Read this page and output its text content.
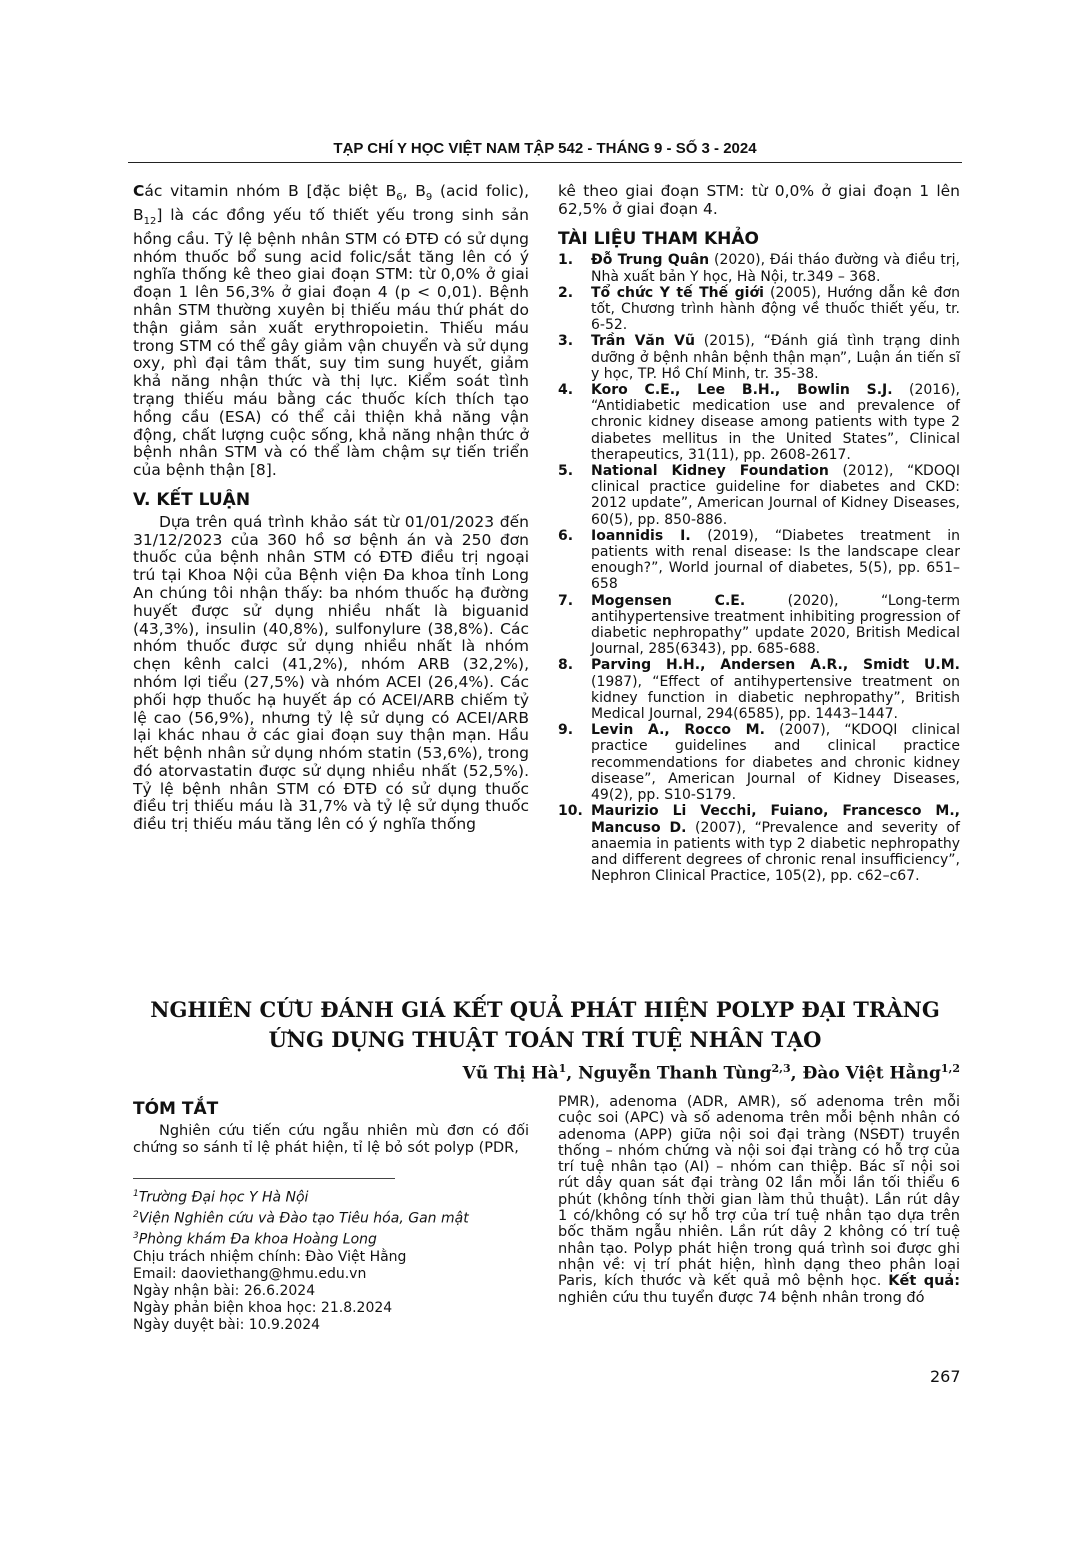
TẠP CHÍ Y HỌC VIỆT NAM TẬP 542 - THÁNG 9 - SỐ 3 - 2024

Các vitamin nhóm B [đặc biệt $B_6$, $B_9$ (acid folic), $B_{12}$] là các đồng yếu tố thiết yếu trong sinh sản hồng cầu. Tỷ lệ bệnh nhân STM có ĐTĐ có sử dụng nhóm thuốc bổ sung acid folic/sắt tăng lên có ý nghĩa thống kê theo giai đoạn STM: từ 0,0% ở giai đoạn 1 lên 56,3% ở giai đoạn 4 (p < 0,01). Bệnh nhân STM thường xuyên bị thiếu máu thứ phát do thận giảm sản xuất erythropoietin. Thiếu máu trong STM có thể gây giảm vận chuyển và sử dụng oxy, phì đại tâm thất, suy tim sung huyết, giảm khả năng nhận thức và thị lực. Kiểm soát tình trạng thiếu máu bằng các thuốc kích thích tạo hồng cầu (ESA) có thể cải thiện khả năng vận động, chất lượng cuộc sống, khả năng nhận thức ở bệnh nhân STM và có thể làm chậm sự tiến triển của bệnh thận [8].

V. KẾT LUẬN

Dựa trên quá trình khảo sát từ 01/01/2023 đến 31/12/2023 của 360 hồ sơ bệnh án và 250 đơn thuốc của bệnh nhân STM có ĐTĐ điều trị ngoại trú tại Khoa Nội của Bệnh viện Đa khoa tỉnh Long An chúng tôi nhận thấy: ba nhóm thuốc hạ đường huyết được sử dụng nhiều nhất là biguanid (43,3%), insulin (40,8%), sulfonylure (38,8%). Các nhóm thuốc được sử dụng nhiều nhất là nhóm chẹn kênh calci (41,2%), nhóm ARB (32,2%), nhóm lợi tiểu (27,5%) và nhóm ACEI (26,4%). Các phối hợp thuốc hạ huyết áp có ACEI/ARB chiếm tỷ lệ cao (56,9%), nhưng tỷ lệ sử dụng có ACEI/ARB lại khác nhau ở các giai đoạn suy thận mạn. Hầu hết bệnh nhân sử dụng nhóm statin (53,6%), trong đó atorvastatin được sử dụng nhiều nhất (52,5%). Tỷ lệ bệnh nhân STM có ĐTĐ có sử dụng thuốc điều trị thiếu máu là 31,7% và tỷ lệ sử dụng thuốc điều trị thiếu máu tăng lên có ý nghĩa thống

kê theo giai đoạn STM: từ 0,0% ở giai đoạn 1 lên 62,5% ở giai đoạn 4.

TÀI LIỆU THAM KHẢO
1.	Đỗ Trung Quân (2020), Đái tháo đường và điều trị, Nhà xuất bản Y học, Hà Nội, tr.349 – 368.
2.	Tổ chức Y tế Thế giới (2005), Hướng dẫn kê đơn tốt, Chương trình hành động về thuốc thiết yếu, tr. 6-52.
3.	Trần Văn Vũ (2015), “Đánh giá tình trạng dinh dưỡng ở bệnh nhân bệnh thận mạn”, Luận án tiến sĩ y học, TP. Hồ Chí Minh, tr. 35-38.
4.	Koro C.E., Lee B.H., Bowlin S.J. (2016), “Antidiabetic medication use and prevalence of chronic kidney disease among patients with type 2 diabetes mellitus in the United States”, Clinical therapeutics, 31(11), pp. 2608-2617.
5.	National Kidney Foundation (2012), “KDOQI clinical practice guideline for diabetes and CKD: 2012 update”, American Journal of Kidney Diseases, 60(5), pp. 850-886.
6.	Ioannidis I. (2019), “Diabetes treatment in patients with renal disease: Is the landscape clear enough?”, World journal of diabetes, 5(5), pp. 651–658
7.	Mogensen C.E. (2020), “Long-term antihypertensive treatment inhibiting progression of diabetic nephropathy” update 2020, British Medical Journal, 285(6343), pp. 685-688.
8.	Parving H.H., Andersen A.R., Smidt U.M. (1987), “Effect of antihypertensive treatment on kidney function in diabetic nephropathy”, British Medical Journal, 294(6585), pp. 1443–1447.
9.	Levin A., Rocco M. (2007), “KDOQI clinical practice guidelines and clinical practice recommendations for diabetes and chronic kidney disease”, American Journal of Kidney Diseases, 49(2), pp. S10-S179.
10. Maurizio Li Vecchi, Fuiano, Francesco M., Mancuso D. (2007), “Prevalence and severity of anaemia in patients with typ 2 diabetic nephropathy and different degrees of chronic renal insufficiency”, Nephron Clinical Practice, 105(2), pp. c62–c67.
NGHIÊN CỨU ĐÁNH GIÁ KẾT QUẢ PHÁT HIỆN POLYP ĐẠI TRÀNG
ỨNG DỤNG THUẬT TOÁN TRÍ TUỆ NHÂN TẠO
Vũ Thị $Hà^1$, Nguyễn Thanh Tùng$^{2,3}$, Đào Việt Hằng$^{1,2}$
TÓM TẮT
Nghiên cứu tiến cứu ngẫu nhiên mù đơn có đối chứng so sánh tỉ lệ phát hiện, tỉ lệ bỏ sót polyp (PDR,
PMR), adenoma (ADR, AMR), số adenoma trên mỗi cuộc soi (APC) và số adenoma trên mỗi bệnh nhân có adenoma (APP) giữa nội soi đại tràng (NSĐT) truyền thống – nhóm chứng và nội soi đại tràng có hỗ trợ của trí tuệ nhân tạo (AI) – nhóm can thiệp. Bác sĩ nội soi rút dây quan sát đại tràng 02 lần mỗi lần tối thiểu 6 phút (không tính thời gian làm thủ thuật). Lần rút dây 1 có/không có sự hỗ trợ của trí tuệ nhân tạo dựa trên bốc thăm ngẫu nhiên. Lần rút dây 2 không có trí tuệ nhân tạo. Polyp phát hiện trong quá trình soi được ghi nhận về: vị trí phát hiện, hình dạng theo phân loại Paris, kích thước và kết quả mô bệnh học. Kết quả: nghiên cứu thu tuyển được 74 bệnh nhân trong đó
$^1$Trường Đại học Y Hà Nội
$^2$Viện Nghiên cứu và Đào tạo Tiêu hóa, Gan mật
$^3$Phòng khám Đa khoa Hoàng Long
Chịu trách nhiệm chính: Đào Việt Hằng
Email: daoviethang@hmu.edu.vn
Ngày nhận bài: 26.6.2024
Ngày phản biện khoa học: 21.8.2024
Ngày duyệt bài: 10.9.2024
267
